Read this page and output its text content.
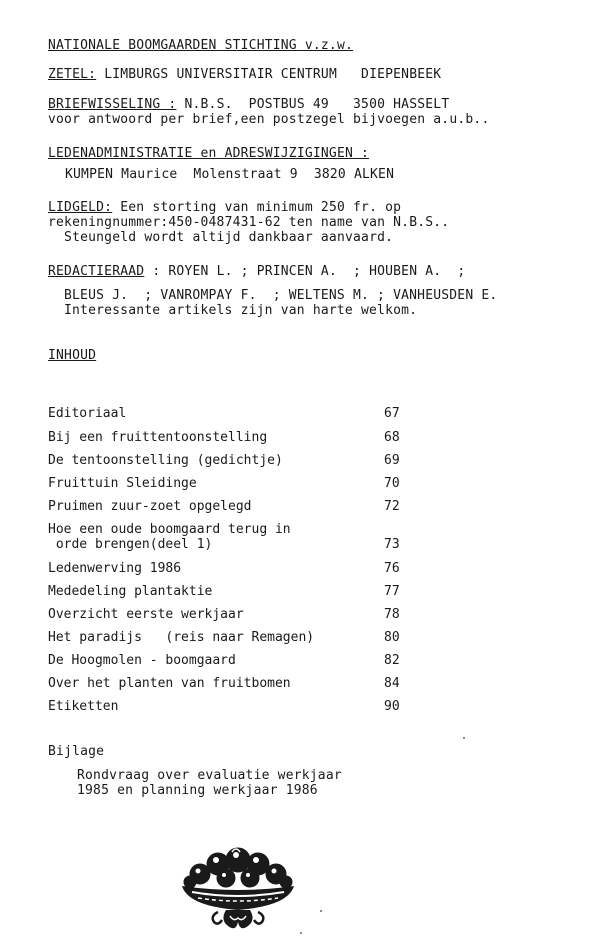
NATIONALE BOOMGAARDEN STICHTING v.z.w.
ZETEL: LIMBURGS UNIVERSITAIR CENTRUM   DIEPENBEEK
BRIEFWISSELING : N.B.S.  POSTBUS 49   3500 HASSELT
voor antwoord per brief,een postzegel bijvoegen a.u.b..
LEDENADMINISTRATIE en ADRESWIJZIGINGEN :
KUMPEN Maurice  Molenstraat 9  3820 ALKEN
LIDGELD: Een storting van minimum 250 fr. op
rekeningnummer:450-0487431-62 ten name van N.B.S..
Steungeld wordt altijd dankbaar aanvaard.
REDACTIERAAD : ROYEN L. ; PRINCEN A.  ; HOUBEN A.  ;
BLEUS J.  ; VANROMPAY F.  ; WELTENS M. ; VANHEUSDEN E.
Interessante artikels zijn van harte welkom.
INHOUD
Editoriaal	67
Bij een fruittentoonstelling	68
De tentoonstelling (gedichtje)	69
Fruittuin Sleidinge	70
Pruimen zuur-zoet opgelegd	72
Hoe een oude boomgaard terug in
orde brengen(deel 1)	73
Ledenwerving 1986	76
Mededeling plantaktie	77
Overzicht eerste werkjaar	78
Het paradijs   (reis naar Remagen)	80
De Hoogmolen - boomgaard	82
Over het planten van fruitbomen	84
Etiketten	90
Bijlage
Rondvraag over evaluatie werkjaar
1985 en planning werkjaar 1986
